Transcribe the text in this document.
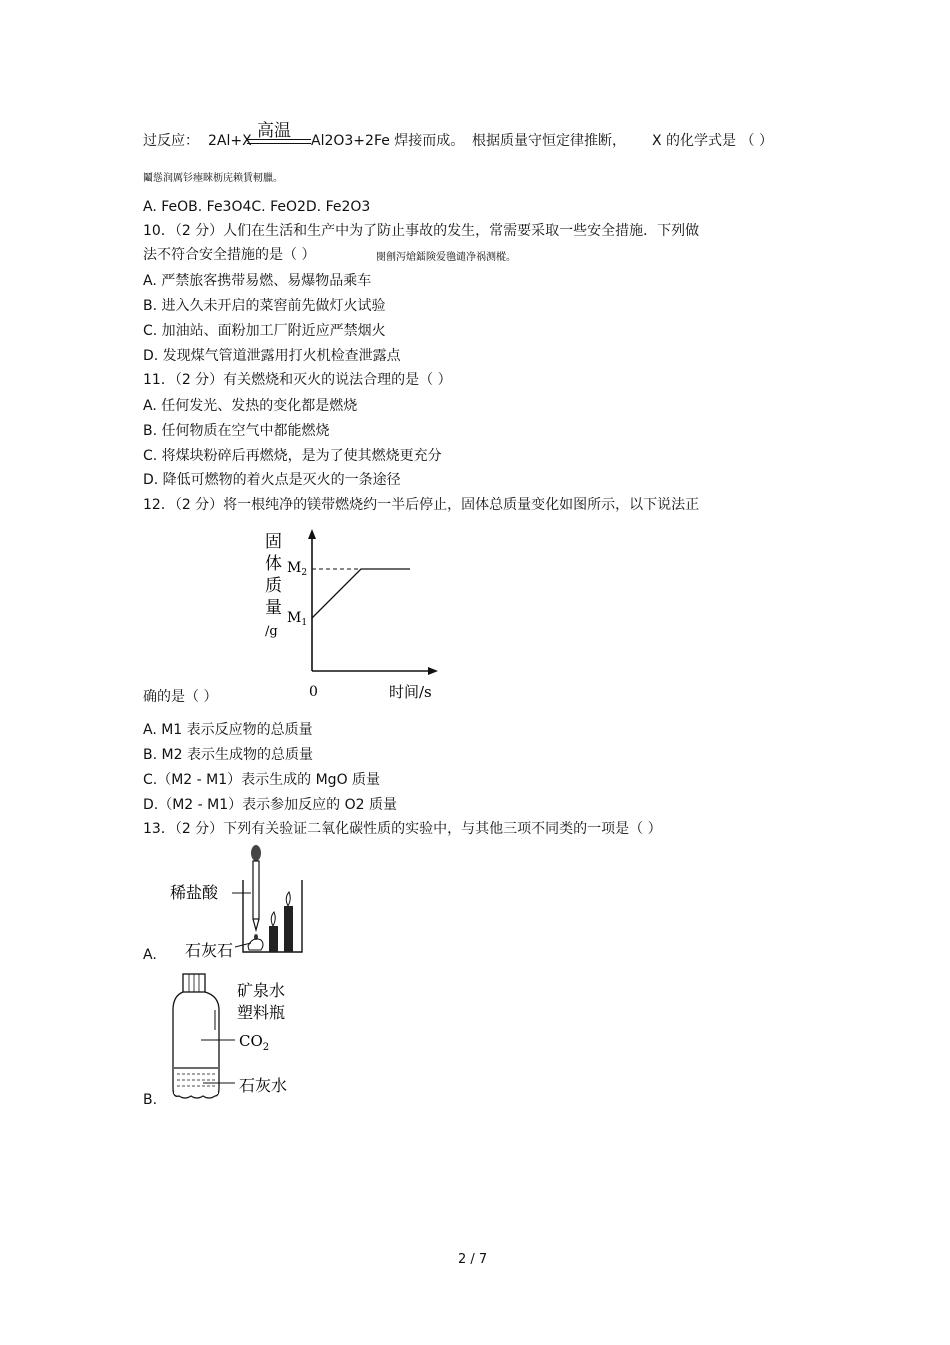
过反应： 2Al+X 高温 Al2O3+2Fe 焊接而成。 根据质量守恒定律推断， X 的化学式是 （ ）
鬮慫润厲钐瘞睞枥庑赖賃軔臘。
A. FeOB. Fe3O4C. FeO2D. Fe2O3
10．（2 分）人们在生活和生产中为了防止事故的发生，常需要采取一些安全措施．下列做
法不符合安全措施的是（ ）	閿劊泻熗鐳険爱氇谴净祸测樅。
A. 严禁旅客携带易燃、易爆物品乘车
B. 进入久未开启的菜窖前先做灯火试验
C. 加油站、面粉加工厂附近应严禁烟火
D. 发现煤气管道泄露用打火机检查泄露点
11．（2 分）有关燃烧和灭火的说法合理的是（ ）
A. 任何发光、发热的变化都是燃烧
B. 任何物质在空气中都能燃烧
C. 将煤块粉碎后再燃烧，是为了使其燃烧更充分
D. 降低可燃物的着火点是灭火的一条途径
12．（2 分）将一根纯净的镁带燃烧约一半后停止，固体总质量变化如图所示，以下说法正
固
体
质
量
/g
$M_2$
$M_1$
0	时间/s
确的是（ ）
A. M1 表示反应物的总质量
B. M2 表示生成物的总质量
C.（M2 - M1）表示生成的 MgO 质量
D.（M2 - M1）表示参加反应的 O2 质量
13．（2 分）下列有关验证二氧化碳性质的实验中，与其他三项不同类的一项是（ ）
稀盐酸
石灰石
A.
矿泉水
塑料瓶
$CO_2$
石灰水
B.
2 / 7
